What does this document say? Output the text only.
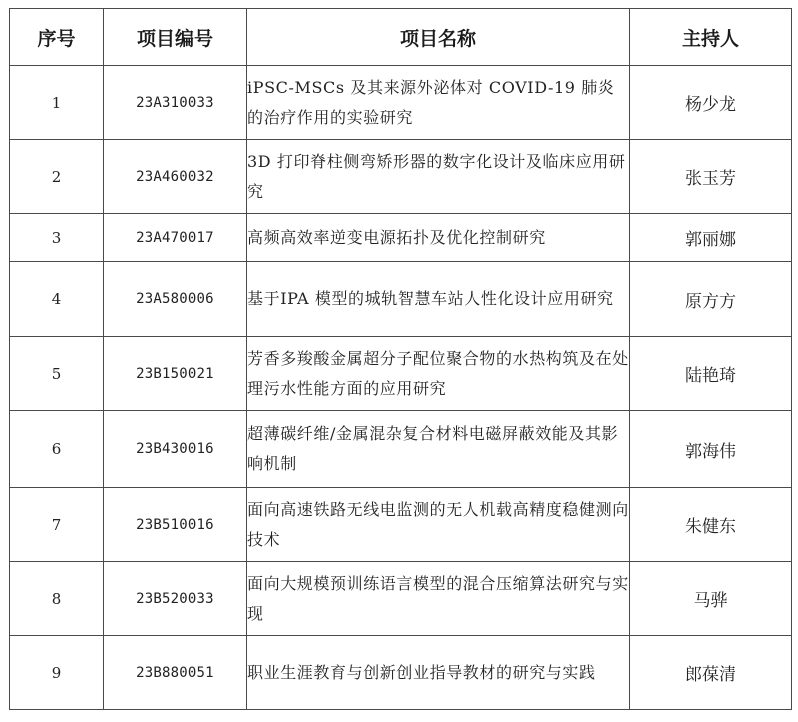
序号	项目编号	项目名称	主持人
1	23A310033	iPSC-MSCs 及其来源外泌体对 COVID-19 肺炎的治疗作用的实验研究	杨少龙
2	23A460032	3D 打印脊柱侧弯矫形器的数字化设计及临床应用研究	张玉芳
3	23A470017	高频高效率逆变电源拓扑及优化控制研究	郭丽娜
4	23A580006	基于IPA 模型的城轨智慧车站人性化设计应用研究	原方方
5	23B150021	芳香多羧酸金属超分子配位聚合物的水热构筑及在处理污水性能方面的应用研究	陆艳琦
6	23B430016	超薄碳纤维/金属混杂复合材料电磁屏蔽效能及其影响机制	郭海伟
7	23B510016	面向高速铁路无线电监测的无人机载高精度稳健测向技术	朱健东
8	23B520033	面向大规模预训练语言模型的混合压缩算法研究与实现	马骅
9	23B880051	职业生涯教育与创新创业指导教材的研究与实践	郎葆清
